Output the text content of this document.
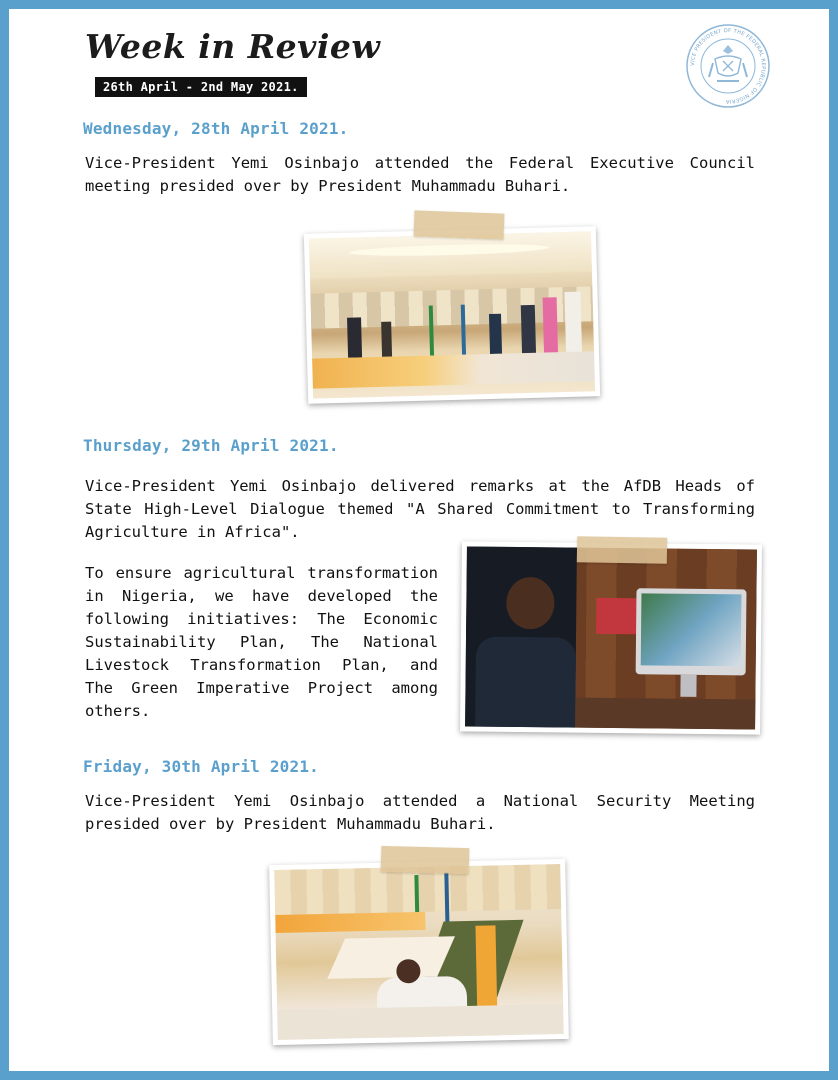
Week in Review
26th April - 2nd May 2021.
VICE PRESIDENT OF THE FEDERAL REPUBLIC OF NIGERIA
Wednesday, 28th April 2021.
Vice-President Yemi Osinbajo attended the Federal Executive Council meeting presided over by President Muhammadu Buhari.
Thursday, 29th April 2021.
Vice-President Yemi Osinbajo delivered remarks at the AfDB Heads of State High-Level Dialogue themed "A Shared Commitment to Transforming Agriculture in Africa".
To ensure agricultural transformation in Nigeria, we have developed the following initiatives: The Economic Sustainability Plan, The National Livestock Transformation Plan, and The Green Imperative Project among others.
Friday, 30th April 2021.
Vice-President Yemi Osinbajo attended a National Security Meeting presided over by President Muhammadu Buhari.
